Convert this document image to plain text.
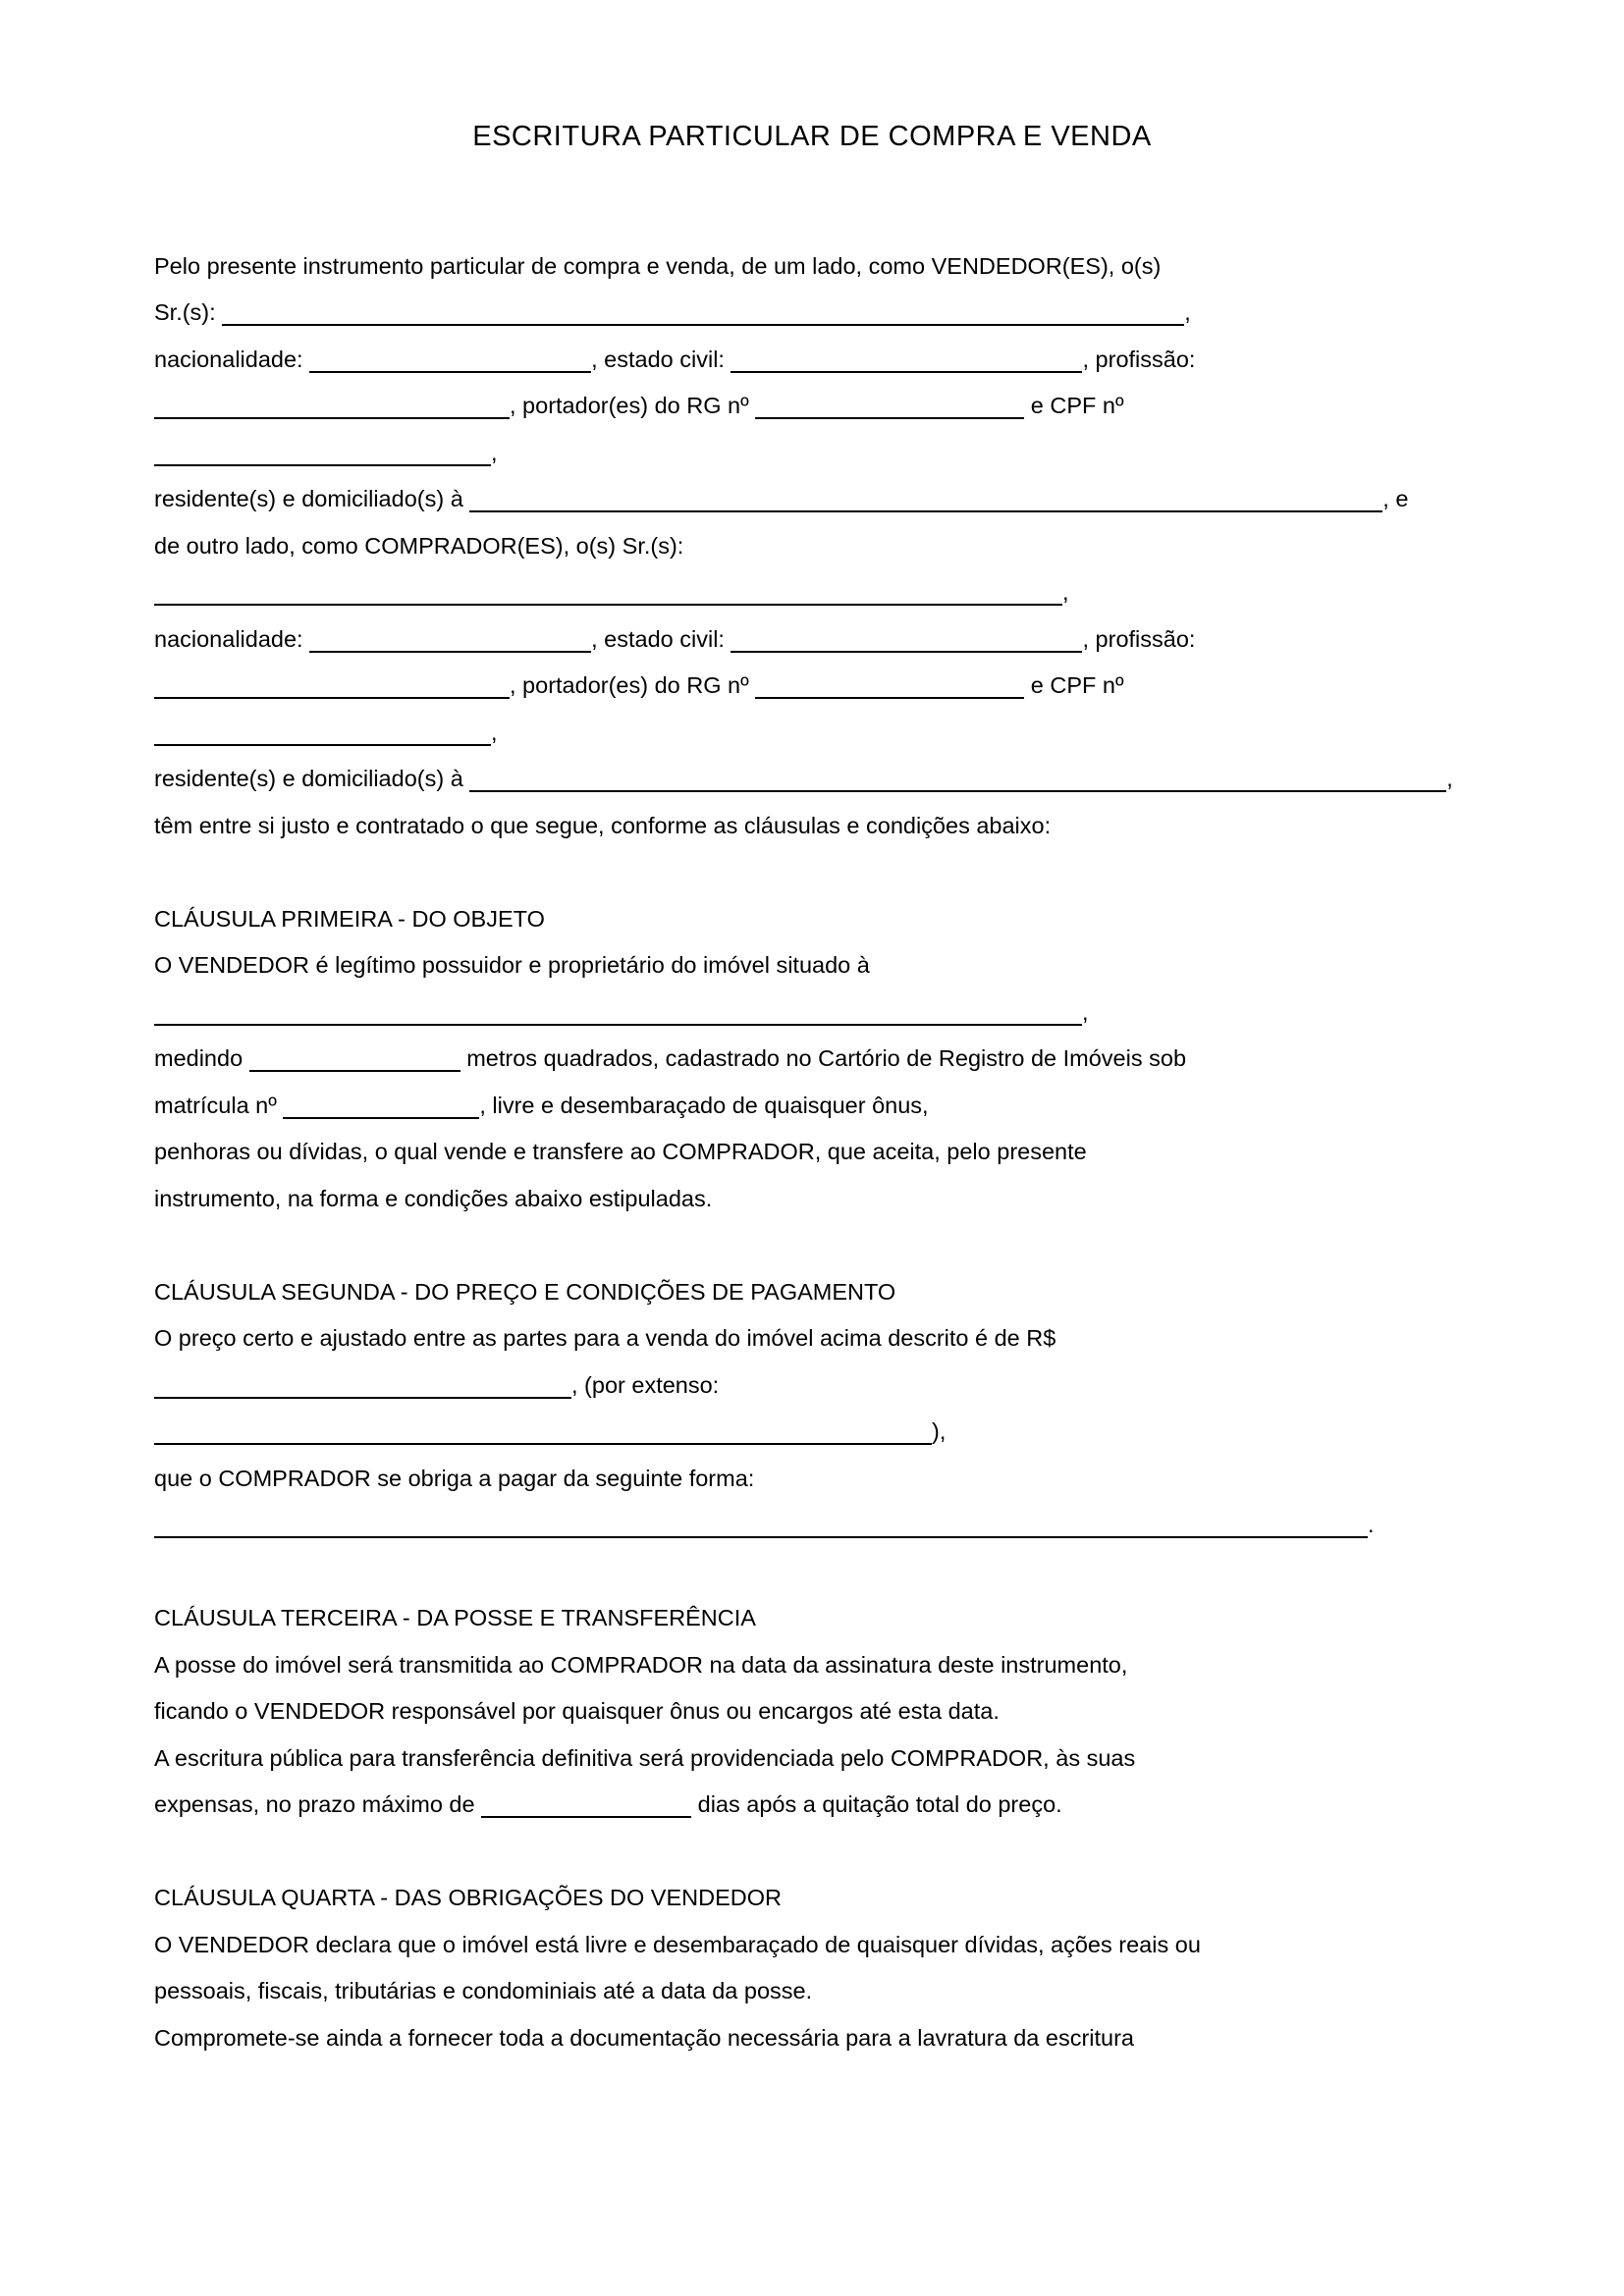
ESCRITURA PARTICULAR DE COMPRA E VENDA
Pelo presente instrumento particular de compra e venda, de um lado, como VENDEDOR(ES), o(s)
Sr.(s):	,
nacionalidade:	, estado civil:	, profissão:
, portador(es) do RG nº	e CPF nº
,
residente(s) e domiciliado(s) à	, e
de outro lado, como COMPRADOR(ES), o(s) Sr.(s):
,
nacionalidade:	, estado civil:	, profissão:
, portador(es) do RG nº	e CPF nº
,
residente(s) e domiciliado(s) à	,
têm entre si justo e contratado o que segue, conforme as cláusulas e condições abaixo:

CLÁUSULA PRIMEIRA - DO OBJETO
O VENDEDOR é legítimo possuidor e proprietário do imóvel situado à
,
medindo	metros quadrados, cadastrado no Cartório de Registro de Imóveis sob
matrícula nº	, livre e desembaraçado de quaisquer ônus,
penhoras ou dívidas, o qual vende e transfere ao COMPRADOR, que aceita, pelo presente
instrumento, na forma e condições abaixo estipuladas.

CLÁUSULA SEGUNDA - DO PREÇO E CONDIÇÕES DE PAGAMENTO
O preço certo e ajustado entre as partes para a venda do imóvel acima descrito é de R$
, (por extenso:
),
que o COMPRADOR se obriga a pagar da seguinte forma:
.

CLÁUSULA TERCEIRA - DA POSSE E TRANSFERÊNCIA
A posse do imóvel será transmitida ao COMPRADOR na data da assinatura deste instrumento,
ficando o VENDEDOR responsável por quaisquer ônus ou encargos até esta data.
A escritura pública para transferência definitiva será providenciada pelo COMPRADOR, às suas
expensas, no prazo máximo de	dias após a quitação total do preço.

CLÁUSULA QUARTA - DAS OBRIGAÇÕES DO VENDEDOR
O VENDEDOR declara que o imóvel está livre e desembaraçado de quaisquer dívidas, ações reais ou
pessoais, fiscais, tributárias e condominiais até a data da posse.
Compromete-se ainda a fornecer toda a documentação necessária para a lavratura da escritura
